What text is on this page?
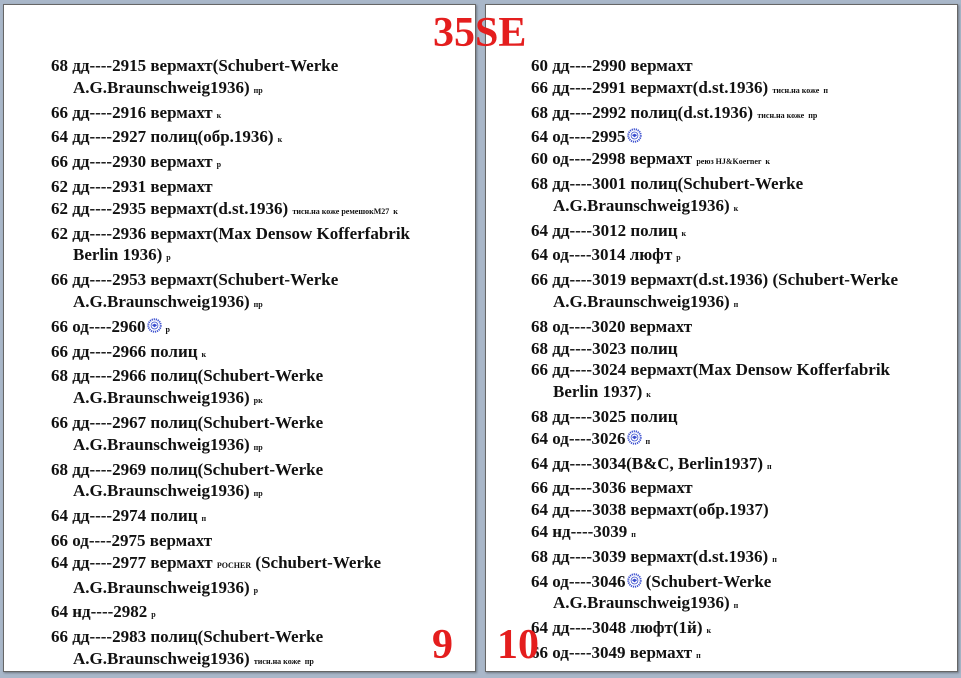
68 дд----2915 вермахт(Schubert-Werke
A.G.Braunschweig1936) пр
66 дд----2916 вермахт к
64 дд----2927 полиц(обр.1936) к
66 дд----2930 вермахт р
62 дд----2931 вермахт
62 дд----2935 вермахт(d.st.1936) тисн.на коже ремешокМ27 к
62 дд----2936 вермахт(Max Densow Kofferfabrik
Berlin 1936) р
66 дд----2953 вермахт(Schubert-Werke
A.G.Braunschweig1936) пр
66 од----2960	р
66 дд----2966 полиц к
68 дд----2966 полиц(Schubert-Werke
A.G.Braunschweig1936) рк
66 дд----2967 полиц(Schubert-Werke
A.G.Braunschweig1936) пр
68 дд----2969 полиц(Schubert-Werke
A.G.Braunschweig1936) пр
64 дд----2974 полиц п
66 од----2975 вермахт
64 дд----2977 вермахт POCHER (Schubert-Werke
A.G.Braunschweig1936) р
64 нд----2982 р
66 дд----2983 полиц(Schubert-Werke
A.G.Braunschweig1936) тисн.на коже пр
60 дд----2990 вермахт
66 дд----2991 вермахт(d.st.1936) тисн.на коже п
68 дд----2992 полиц(d.st.1936) тисн.на коже пр
64 од----2995
60 од----2998 вермахт реюз HJ&Koerner к
68 дд----3001 полиц(Schubert-Werke
A.G.Braunschweig1936) к
64 дд----3012 полиц к
64 од----3014 люфт р
66 дд----3019 вермахт(d.st.1936) (Schubert-Werke
A.G.Braunschweig1936) п
68 од----3020 вермахт
68 дд----3023 полиц
66 дд----3024 вермахт(Max Densow Kofferfabrik
Berlin 1937) к
68 дд----3025 полиц
64 од----3026	п
64 дд----3034(B&C, Berlin1937) п
66 дд----3036 вермахт
64 дд----3038 вермахт(обр.1937)
64 нд----3039 п
68 дд----3039 вермахт(d.st.1936) п
64 од----3046 (Schubert-Werke
A.G.Braunschweig1936) п
64 дд----3048 люфт(1й) к
66 од----3049 вермахт п
35SE
9 10
